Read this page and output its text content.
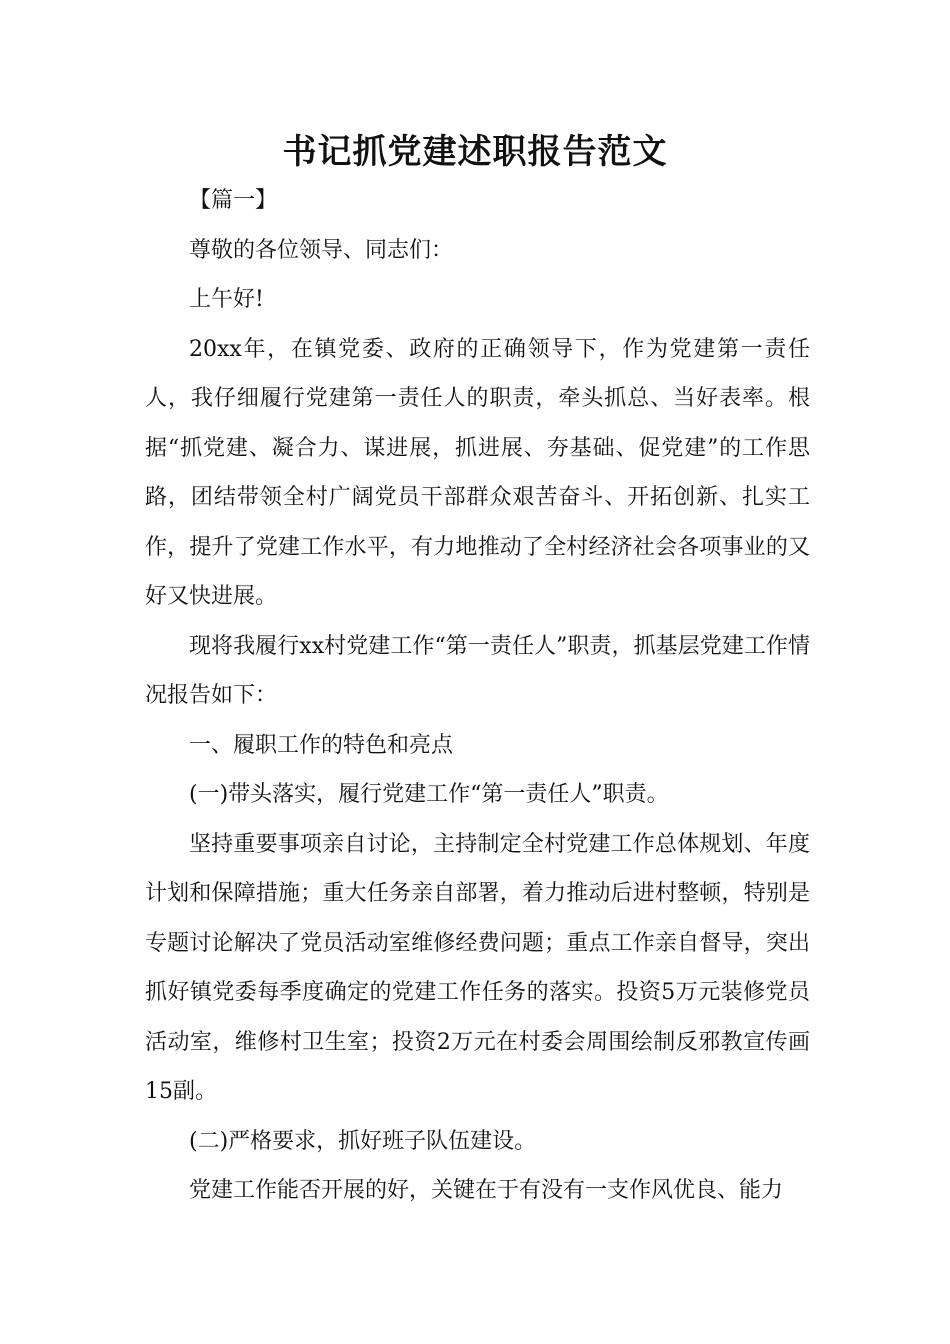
书记抓党建述职报告范文

【篇一】

尊敬的各位领导、同志们：

上午好!

20xx年，在镇党委、政府的正确领导下，作为党建第一责任人，我仔细履行党建第一责任人的职责，牵头抓总、当好表率。根据“抓党建、凝合力、谋进展，抓进展、夯基础、促党建”的工作思路，团结带领全村广阔党员干部群众艰苦奋斗、开拓创新、扎实工作，提升了党建工作水平，有力地推动了全村经济社会各项事业的又好又快进展。

现将我履行xx村党建工作“第一责任人”职责，抓基层党建工作情况报告如下：

一、履职工作的特色和亮点

(一)带头落实，履行党建工作“第一责任人”职责。

坚持重要事项亲自讨论，主持制定全村党建工作总体规划、年度计划和保障措施；重大任务亲自部署，着力推动后进村整顿，特别是专题讨论解决了党员活动室维修经费问题；重点工作亲自督导，突出抓好镇党委每季度确定的党建工作任务的落实。投资5万元装修党员活动室，维修村卫生室；投资2万元在村委会周围绘制反邪教宣传画15副。

(二)严格要求，抓好班子队伍建设。

党建工作能否开展的好，关键在于有没有一支作风优良、能力
